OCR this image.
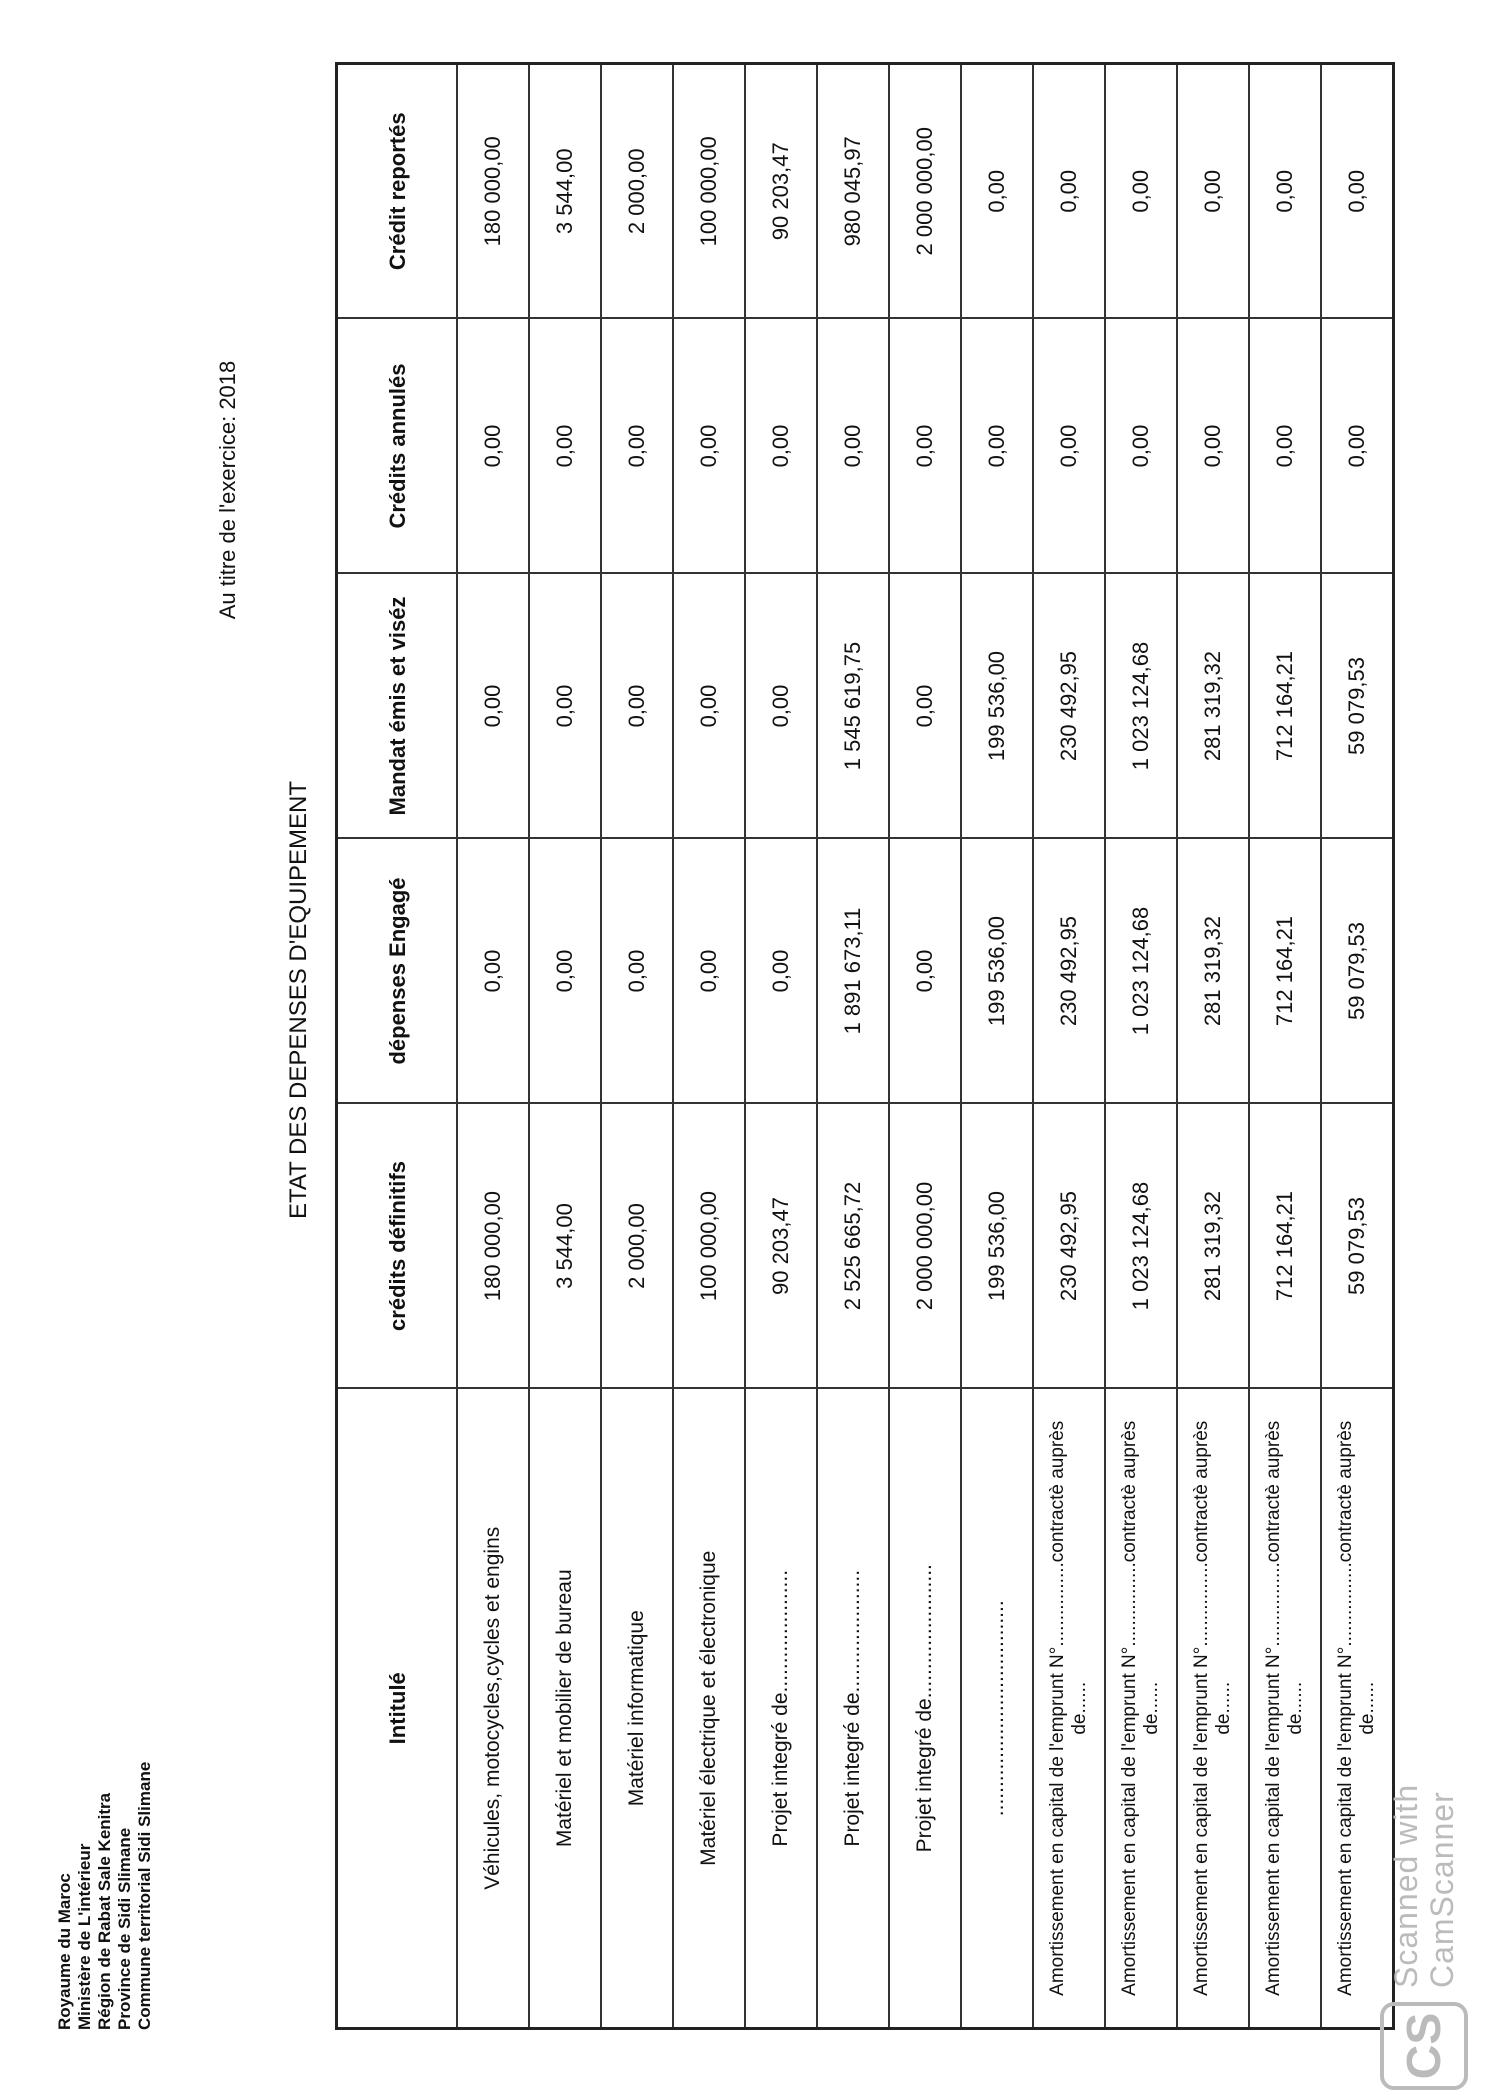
Royaume du Maroc Ministère de L'intérieur Région de Rabat Sale Kenitra Province de Sidi Slimane Commune territorial Sidi Slimane
ETAT DES DEPENSES D'EQUIPEMENT
Au titre de l'exercice: 2018
Intitulé	crédits définitifs	dépenses Engagé	Mandat émis et viséz	Crédits annulés	Crédit reportés
Véhicules, motocycles,cycles et engins	180 000,00	0,00	0,00	0,00	180 000,00
Matériel et mobilier de bureau	3 544,00	0,00	0,00	0,00	3 544,00
Matériel informatique	2 000,00	0,00	0,00	0,00	2 000,00
Matériel électrique et électronique	100 000,00	0,00	0,00	0,00	100 000,00
Projet integré de.....................	90 203,47	0,00	0,00	0,00	90 203,47
Projet integré de.....................	2 525 665,72	1 891 673,11	1 545 619,75	0,00	980 045,97
Projet integré de.......................	2 000 000,00	0,00	0,00	0,00	2 000 000,00
.....................................	199 536,00	199 536,00	199 536,00	0,00	0,00
Amortissement en capital de l'emprunt N°................contractè auprès de......	230 492,95	230 492,95	230 492,95	0,00	0,00
Amortissement en capital de l'emprunt N°................contractè auprès de......	1 023 124,68	1 023 124,68	1 023 124,68	0,00	0,00
Amortissement en capital de l'emprunt N°................contractè auprès de......	281 319,32	281 319,32	281 319,32	0,00	0,00
Amortissement en capital de l'emprunt N°................contractè auprès de......	712 164,21	712 164,21	712 164,21	0,00	0,00
Amortissement en capital de l'emprunt N°................contractè auprès de......	59 079,53	59 079,53	59 079,53	0,00	0,00
CS
Scanned with CamScanner
